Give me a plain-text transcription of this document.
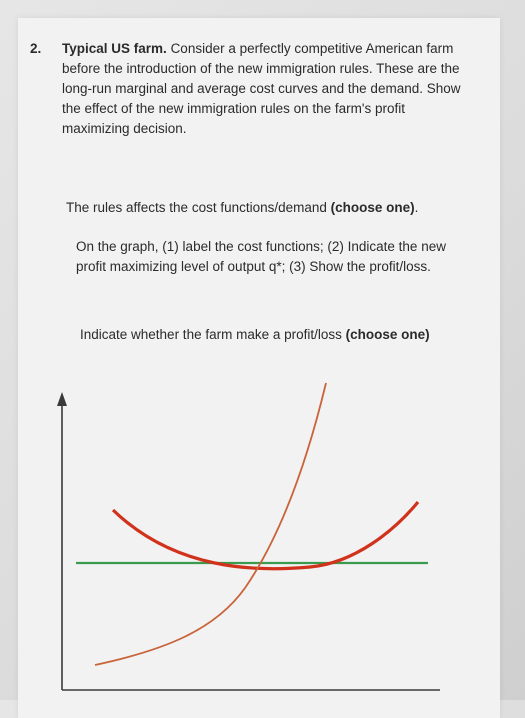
2. Typical US farm. Consider a perfectly competitive American farm before the introduction of the new immigration rules. These are the long-run marginal and average cost curves and the demand. Show the effect of the new immigration rules on the farm's profit maximizing decision.
The rules affects the cost functions/demand (choose one).
On the graph, (1) label the cost functions; (2) Indicate the new profit maximizing level of output q*; (3) Show the profit/loss.
Indicate whether the farm make a profit/loss (choose one)
